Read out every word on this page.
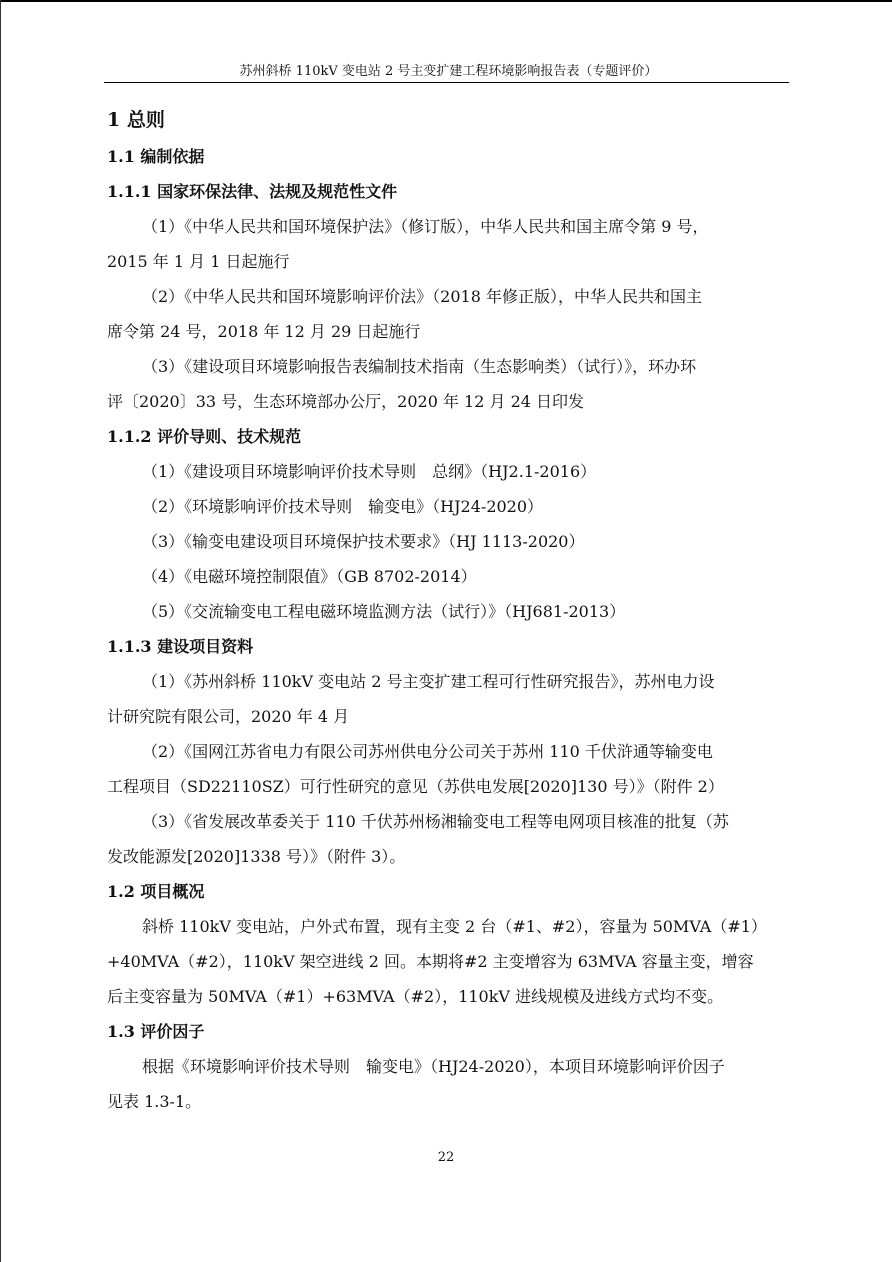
苏州斜桥 110kV 变电站 2 号主变扩建工程环境影响报告表（专题评价）
1 总则
1.1 编制依据
1.1.1 国家环保法律、法规及规范性文件
（1）《中华人民共和国环境保护法》（修订版），中华人民共和国主席令第 9 号，
2015 年 1 月 1 日起施行
（2）《中华人民共和国环境影响评价法》（2018 年修正版），中华人民共和国主
席令第 24 号，2018 年 12 月 29 日起施行
（3）《建设项目环境影响报告表编制技术指南（生态影响类）（试行）》，环办环
评〔2020〕33 号，生态环境部办公厅，2020 年 12 月 24 日印发
1.1.2 评价导则、技术规范
（1）《建设项目环境影响评价技术导则　总纲》（HJ2.1-2016）
（2）《环境影响评价技术导则　输变电》（HJ24-2020）
（3）《输变电建设项目环境保护技术要求》（HJ 1113-2020）
（4）《电磁环境控制限值》（GB 8702-2014）
（5）《交流输变电工程电磁环境监测方法（试行）》（HJ681-2013）
1.1.3 建设项目资料
（1）《苏州斜桥 110kV 变电站 2 号主变扩建工程可行性研究报告》，苏州电力设
计研究院有限公司，2020 年 4 月
（2）《国网江苏省电力有限公司苏州供电分公司关于苏州 110 千伏浒通等输变电
工程项目（SD22110SZ）可行性研究的意见（苏供电发展[2020]130 号）》（附件 2）
（3）《省发展改革委关于 110 千伏苏州杨湘输变电工程等电网项目核准的批复（苏
发改能源发[2020]1338 号）》（附件 3）。
1.2 项目概况
斜桥 110kV 变电站，户外式布置，现有主变 2 台（#1、#2），容量为 50MVA（#1）
+40MVA（#2），110kV 架空进线 2 回。本期将#2 主变增容为 63MVA 容量主变，增容
后主变容量为 50MVA（#1）+63MVA（#2），110kV 进线规模及进线方式均不变。
1.3 评价因子
根据《环境影响评价技术导则　输变电》（HJ24-2020），本项目环境影响评价因子
见表 1.3-1。
22
